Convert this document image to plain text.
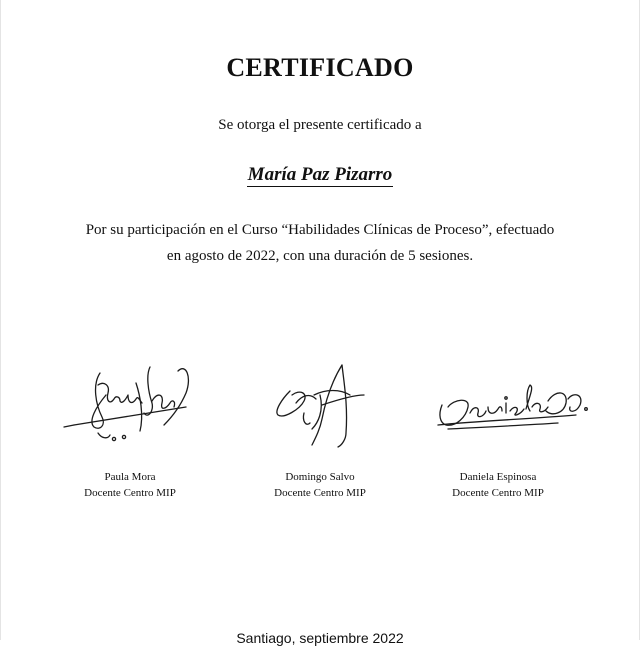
CERTIFICADO
Se otorga el presente certificado a
María Paz Pizarro
Por su participación en el Curso “Habilidades Clínicas de Proceso”, efectuado
en agosto de 2022, con una duración de 5 sesiones.
Paula Mora
Docente Centro MIP
Domingo Salvo
Docente Centro MIP
Daniela Espinosa
Docente Centro MIP
Santiago, septiembre 2022
